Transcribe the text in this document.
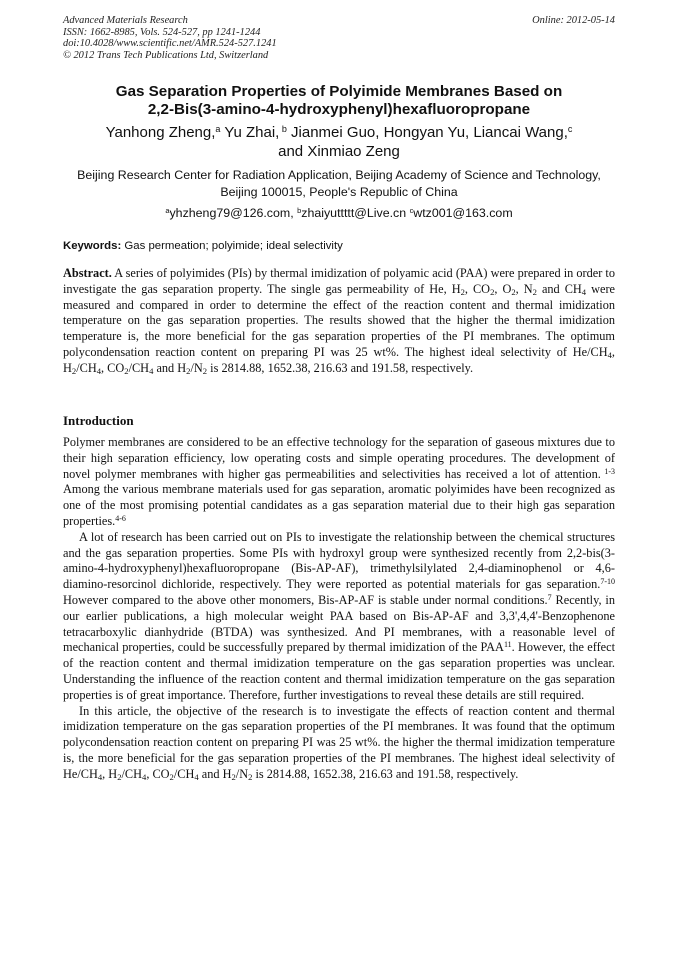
Advanced Materials Research
ISSN: 1662-8985, Vols. 524-527, pp 1241-1244
doi:10.4028/www.scientific.net/AMR.524-527.1241
© 2012 Trans Tech Publications Ltd, Switzerland
Online: 2012-05-14
Gas Separation Properties of Polyimide Membranes Based on
2,2-Bis(3-amino-4-hydroxyphenyl)hexafluoropropane
Yanhong Zheng,$^a$ Yu Zhai, $^b$ Jianmei Guo, Hongyan Yu, Liancai Wang,$^c$
and Xinmiao Zeng
Beijing Research Center for Radiation Application, Beijing Academy of Science and Technology,
Beijing 100015, People's Republic of China
$^a$yhzheng79@126.com, $^b$zhaiyuttttt@Live.cn $^c$wtz001@163.com
Keywords: Gas permeation; polyimide; ideal selectivity
Abstract. A series of polyimides (PIs) by thermal imidization of polyamic acid (PAA) were prepared in order to investigate the gas separation property. The single gas permeability of He, $H_2$, $CO_2$, $O_2$, $N_2$ and $CH_4$ were measured and compared in order to determine the effect of the reaction content and thermal imidization temperature on the gas separation properties. The results showed that the higher the thermal imidization temperature is, the more beneficial for the gas separation properties of the PI membranes. The optimum polycondensation reaction content on preparing PI was 25 wt%. The highest ideal selectivity of $He/CH_4$, $H_2/CH_4$, $CO_2/CH_4$ and $H_2/N_2$ is 2814.88, 1652.38, 216.63 and 191.58, respectively.
Introduction

Polymer membranes are considered to be an effective technology for the separation of gaseous mixtures due to their high separation efficiency, low operating costs and simple operating procedures. The development of novel polymer membranes with higher gas permeabilities and selectivities has received a lot of attention. $^{1-3}$ Among the various membrane materials used for gas separation, aromatic polyimides have been recognized as one of the most promising potential candidates as a gas separation material due to their high gas separation properties.$^{4-6}$

A lot of research has been carried out on PIs to investigate the relationship between the chemical structures and the gas separation properties. Some PIs with hydroxyl group were synthesized recently from 2,2-bis(3-amino-4-hydroxyphenyl)hexafluoropropane (Bis-AP-AF), trimethylsilylated 2,4-diaminophenol or 4,6-diamino-resorcinol dichloride, respectively. They were reported as potential materials for gas separation.$^{7-10}$ However compared to the above other monomers, Bis-AP-AF is stable under normal conditions.$^7$ Recently, in our earlier publications, a high molecular weight PAA based on Bis-AP-AF and 3,3',4,4'-Benzophenone tetracarboxylic dianhydride (BTDA) was synthesized. And PI membranes, with a reasonable level of mechanical properties, could be successfully prepared by thermal imidization of the PAA$^{11}$. However, the effect of the reaction content and thermal imidization temperature on the gas separation properties was unclear. Understanding the influence of the reaction content and thermal imidization temperature on the gas separation properties is of great importance. Therefore, further investigations to reveal these details are still required.

In this article, the objective of the research is to investigate the effects of reaction content and thermal imidization temperature on the gas separation properties of the PI membranes. It was found that the optimum polycondensation reaction content on preparing PI was 25 wt%. the higher the thermal imidization temperature is, the more beneficial for the gas separation properties of the PI membranes. The highest ideal selectivity of $He/CH_4$, $H_2/CH_4$, $CO_2/CH_4$ and $H_2/N_2$ is 2814.88, 1652.38, 216.63 and 191.58, respectively.
